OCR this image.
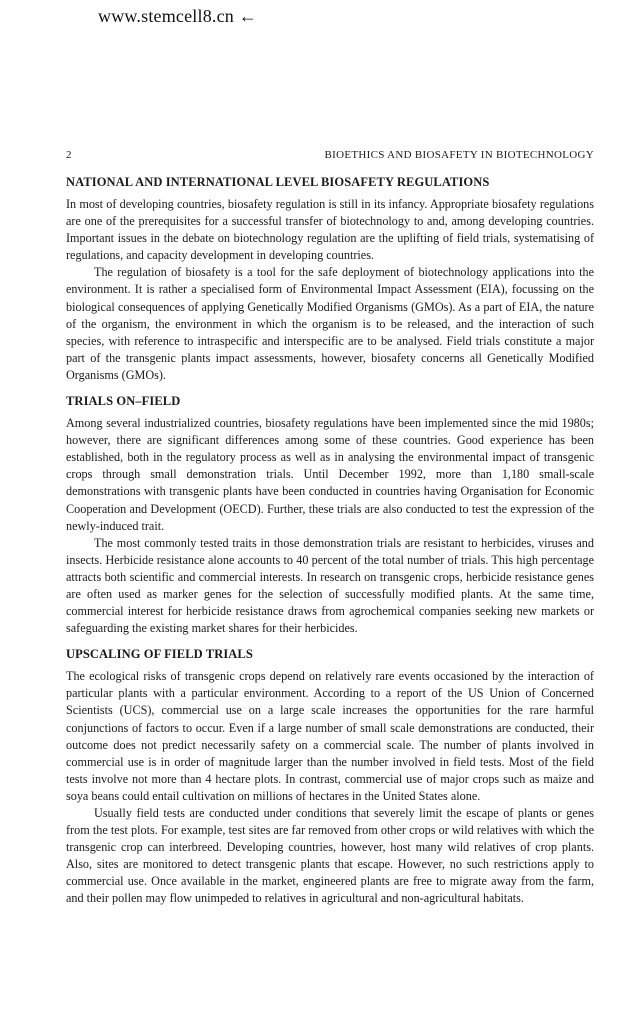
www.stemcell8.cn ←
2	BIOETHICS AND BIOSAFETY IN BIOTECHNOLOGY
NATIONAL AND INTERNATIONAL LEVEL BIOSAFETY REGULATIONS

In most of developing countries, biosafety regulation is still in its infancy. Appropriate biosafety regulations are one of the prerequisites for a successful transfer of biotechnology to and, among developing countries. Important issues in the debate on biotechnology regulation are the uplifting of field trials, systematising of regulations, and capacity development in developing countries.

The regulation of biosafety is a tool for the safe deployment of biotechnology applications into the environment. It is rather a specialised form of Environmental Impact Assessment (EIA), focussing on the biological consequences of applying Genetically Modified Organisms (GMOs). As a part of EIA, the nature of the organism, the environment in which the organism is to be released, and the interaction of such species, with reference to intraspecific and interspecific are to be analysed. Field trials constitute a major part of the transgenic plants impact assessments, however, biosafety concerns all Genetically Modified Organisms (GMOs).

TRIALS ON–FIELD

Among several industrialized countries, biosafety regulations have been implemented since the mid 1980s; however, there are significant differences among some of these countries. Good experience has been established, both in the regulatory process as well as in analysing the environmental impact of transgenic crops through small demonstration trials. Until December 1992, more than 1,180 small-scale demonstrations with transgenic plants have been conducted in countries having Organisation for Economic Cooperation and Development (OECD). Further, these trials are also conducted to test the expression of the newly-induced trait.

The most commonly tested traits in those demonstration trials are resistant to herbicides, viruses and insects. Herbicide resistance alone accounts to 40 percent of the total number of trials. This high percentage attracts both scientific and commercial interests. In research on transgenic crops, herbicide resistance genes are often used as marker genes for the selection of successfully modified plants. At the same time, commercial interest for herbicide resistance draws from agrochemical companies seeking new markets or safeguarding the existing market shares for their herbicides.

UPSCALING OF FIELD TRIALS

The ecological risks of transgenic crops depend on relatively rare events occasioned by the interaction of particular plants with a particular environment. According to a report of the US Union of Concerned Scientists (UCS), commercial use on a large scale increases the opportunities for the rare harmful conjunctions of factors to occur. Even if a large number of small scale demonstrations are conducted, their outcome does not predict necessarily safety on a commercial scale. The number of plants involved in commercial use is in order of magnitude larger than the number involved in field tests. Most of the field tests involve not more than 4 hectare plots. In contrast, commercial use of major crops such as maize and soya beans could entail cultivation on millions of hectares in the United States alone.

Usually field tests are conducted under conditions that severely limit the escape of plants or genes from the test plots. For example, test sites are far removed from other crops or wild relatives with which the transgenic crop can interbreed. Developing countries, however, host many wild relatives of crop plants. Also, sites are monitored to detect transgenic plants that escape. However, no such restrictions apply to commercial use. Once available in the market, engineered plants are free to migrate away from the farm, and their pollen may flow unimpeded to relatives in agricultural and non-agricultural habitats.
